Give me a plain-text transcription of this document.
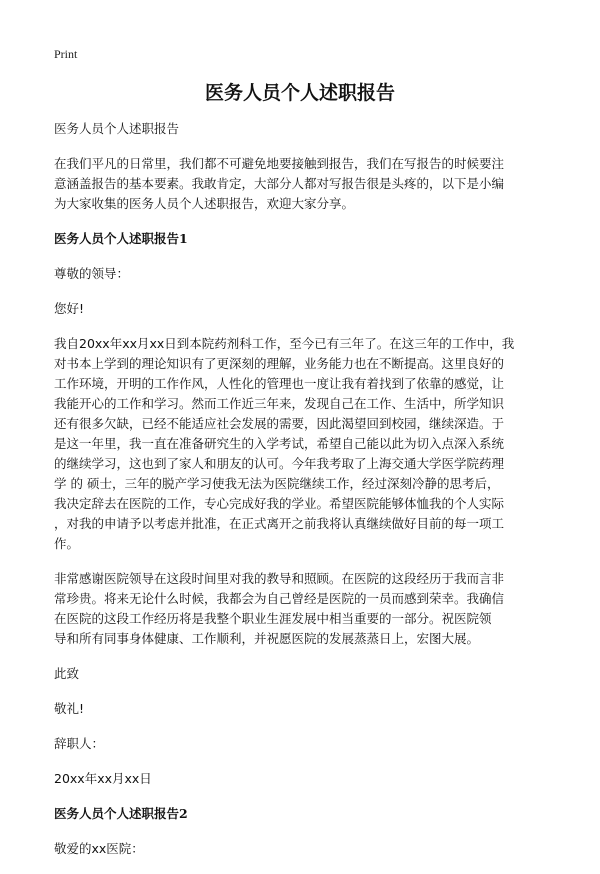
Print
医务人员个人述职报告
医务人员个人述职报告
在我们平凡的日常里，我们都不可避免地要接触到报告，我们在写报告的时候要注
意涵盖报告的基本要素。我敢肯定，大部分人都对写报告很是头疼的，以下是小编
为大家收集的医务人员个人述职报告，欢迎大家分享。
医务人员个人述职报告1
尊敬的领导：
您好!
我自20xx年xx月xx日到本院药剂科工作，至今已有三年了。在这三年的工作中，我
对书本上学到的理论知识有了更深刻的理解，业务能力也在不断提高。这里良好的
工作环境，开明的工作作风，人性化的管理也一度让我有着找到了依靠的感觉，让
我能开心的工作和学习。然而工作近三年来，发现自己在工作、生活中，所学知识
还有很多欠缺，已经不能适应社会发展的需要，因此渴望回到校园，继续深造。于
是这一年里，我一直在准备研究生的入学考试，希望自己能以此为切入点深入系统
的继续学习，这也到了家人和朋友的认可。今年我考取了上海交通大学医学院药理
学 的 硕士，三年的脱产学习使我无法为医院继续工作，经过深刻冷静的思考后，
我决定辞去在医院的工作，专心完成好我的学业。希望医院能够体恤我的个人实际
，对我的申请予以考虑并批准，在正式离开之前我将认真继续做好目前的每一项工
作。
非常感谢医院领导在这段时间里对我的教导和照顾。在医院的这段经历于我而言非
常珍贵。将来无论什么时候，我都会为自己曾经是医院的一员而感到荣幸。我确信
在医院的这段工作经历将是我整个职业生涯发展中相当重要的一部分。祝医院领
导和所有同事身体健康、工作顺利，并祝愿医院的发展蒸蒸日上，宏图大展。
此致
敬礼!
辞职人：
20xx年xx月xx日
医务人员个人述职报告2
敬爱的xx医院：
